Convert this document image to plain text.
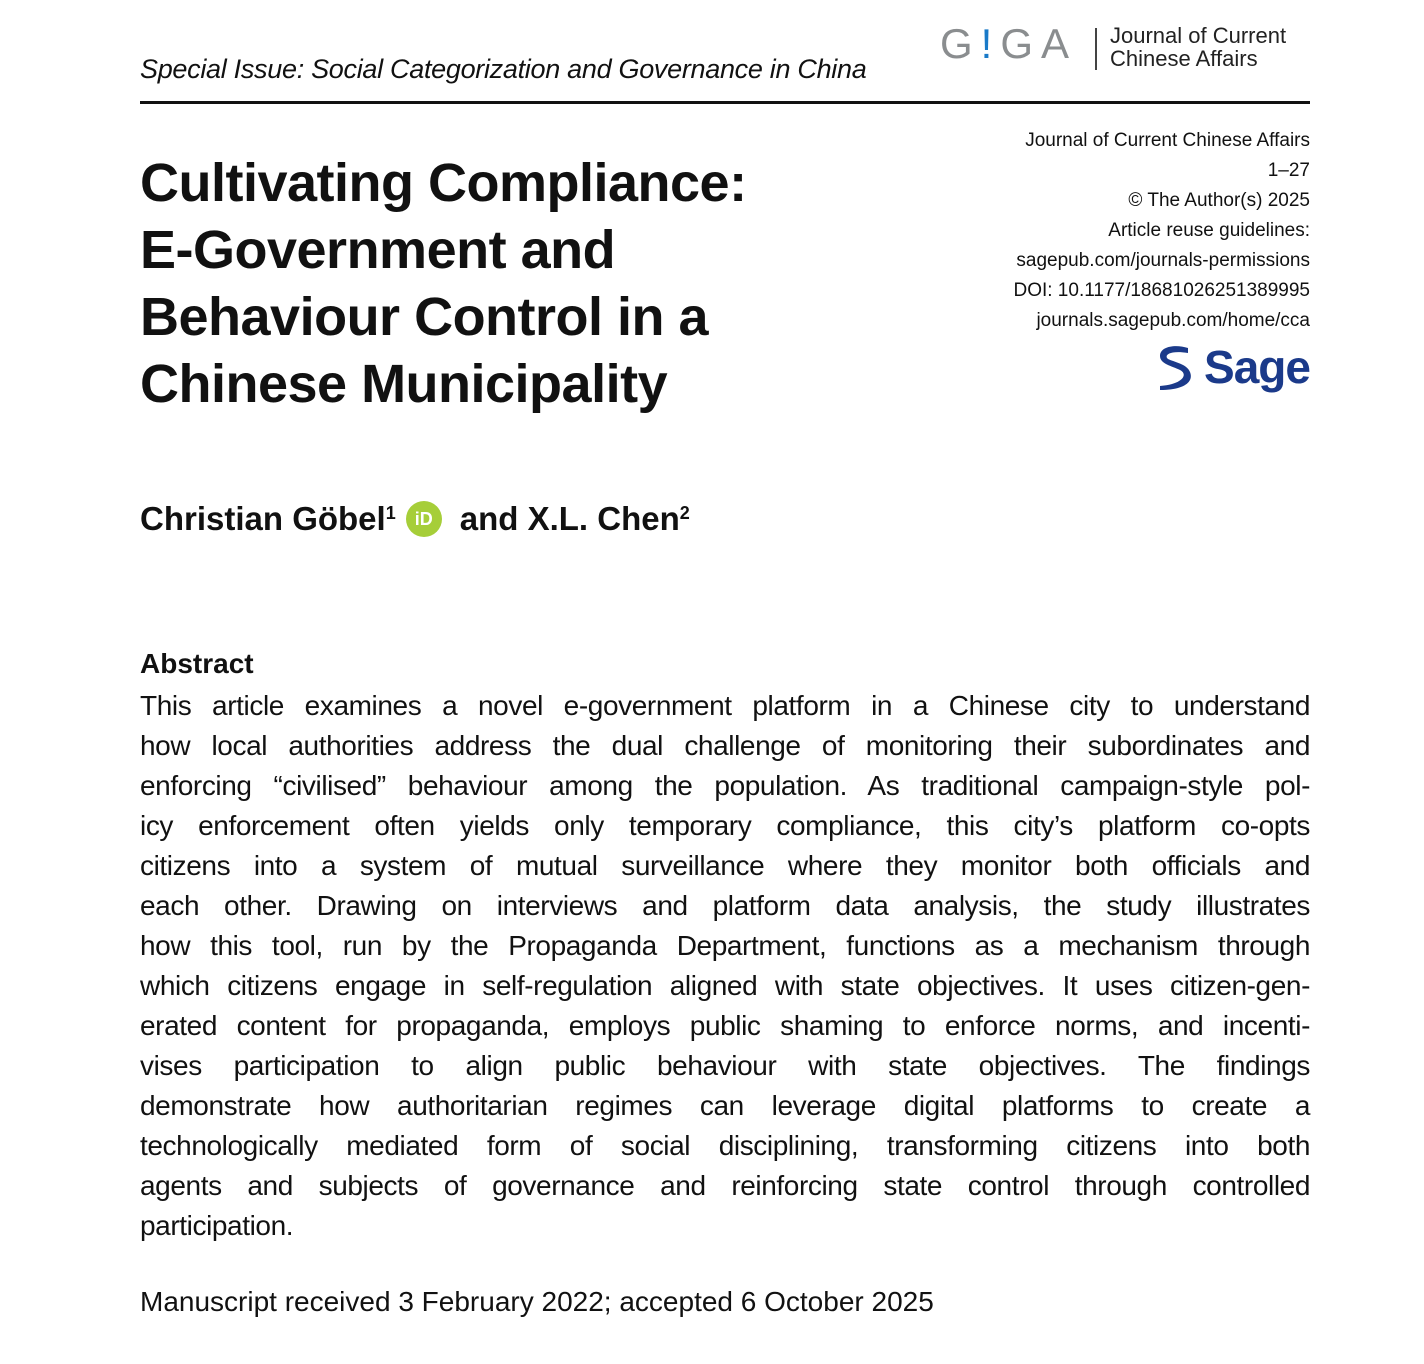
Special Issue: Social Categorization and Governance in China
G!GA Journal of Current
Chinese Affairs
Cultivating Compliance:
E-Government and
Behaviour Control in a
Chinese Municipality
Journal of Current Chinese Affairs
1–27
© The Author(s) 2025
Article reuse guidelines:
sagepub.com/journals-permissions
DOI: 10.1177/18681026251389995
journals.sagepub.com/home/cca
Sage
Christian Göbel$^1$	iD and
X.L. Chen$^2$
Abstract
This article examines a novel e-government platform in a Chinese city to understand
how local authorities address the dual challenge of monitoring their subordinates and
enforcing “civilised” behaviour among the population. As traditional campaign-style pol-
icy enforcement often yields only temporary compliance, this city’s platform co-opts
citizens into a system of mutual surveillance where they monitor both officials and
each other. Drawing on interviews and platform data analysis, the study illustrates
how this tool, run by the Propaganda Department, functions as a mechanism through
which citizens engage in self-regulation aligned with state objectives. It uses citizen-gen-
erated content for propaganda, employs public shaming to enforce norms, and incenti-
vises participation to align public behaviour with state objectives. The findings
demonstrate how authoritarian regimes can leverage digital platforms to create a
technologically mediated form of social disciplining, transforming citizens into both
agents and subjects of governance and reinforcing state control through controlled
participation.
Manuscript received 3 February 2022; accepted 6 October 2025
